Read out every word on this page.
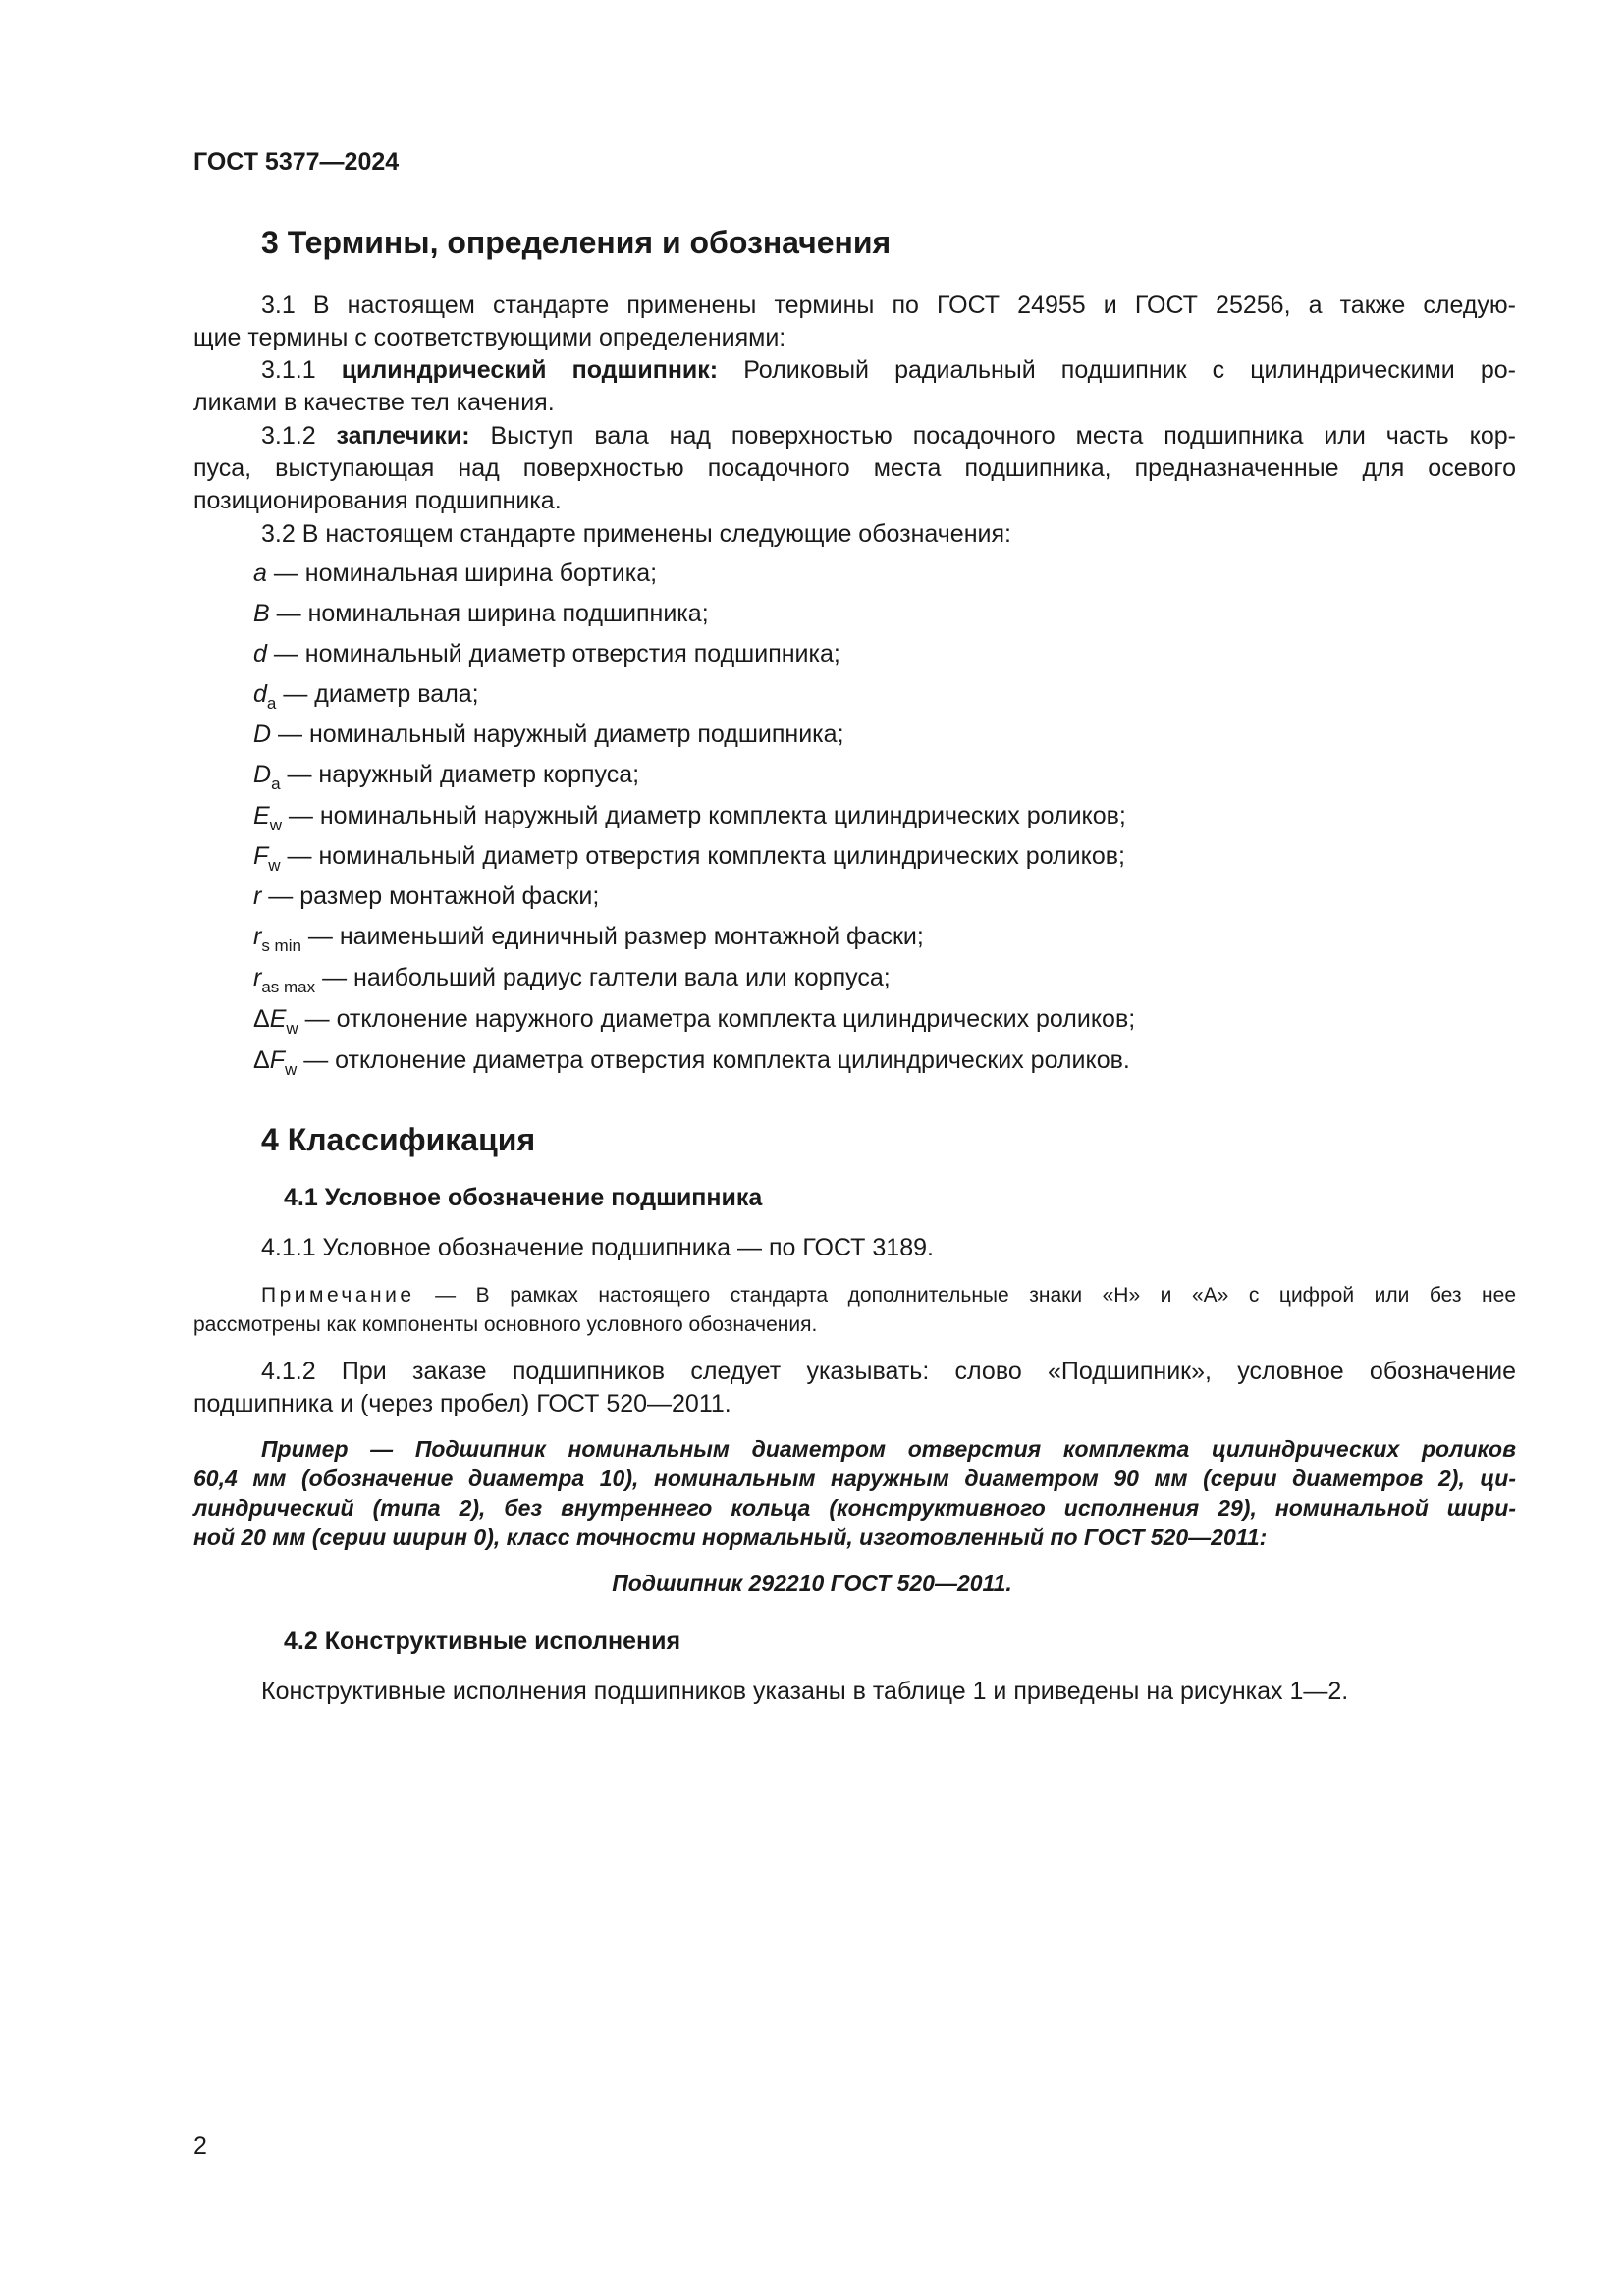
ГОСТ 5377—2024
3 Термины, определения и обозначения
3.1 В настоящем стандарте применены термины по ГОСТ 24955 и ГОСТ 25256, а также следую-
щие термины с соответствующими определениями:
3.1.1 цилиндрический подшипник: Роликовый радиальный подшипник с цилиндрическими ро-
ликами в качестве тел качения.
3.1.2 заплечики: Выступ вала над поверхностью посадочного места подшипника или часть кор-
пуса, выступающая над поверхностью посадочного места подшипника, предназначенные для осевого
позиционирования подшипника.
3.2 В настоящем стандарте применены следующие обозначения:
a — номинальная ширина бортика;
B — номинальная ширина подшипника;
d — номинальный диаметр отверстия подшипника;
$d_a$ — диаметр вала;
D — номинальный наружный диаметр подшипника;
$D_a$ — наружный диаметр корпуса;
$E_w$ — номинальный наружный диаметр комплекта цилиндрических роликов;
$F_w$ — номинальный диаметр отверстия комплекта цилиндрических роликов;
r — размер монтажной фаски;
$r_{s min}$ — наименьший единичный размер монтажной фаски;
$r_{as max}$ — наибольший радиус галтели вала или корпуса;
$\Delta E_w$ — отклонение наружного диаметра комплекта цилиндрических роликов;
$\Delta F_w$ — отклонение диаметра отверстия комплекта цилиндрических роликов.
4 Классификация
4.1 Условное обозначение подшипника
4.1.1 Условное обозначение подшипника — по ГОСТ 3189.
Примечание — В рамках настоящего стандарта дополнительные знаки «Н» и «А» с цифрой или без нее
рассмотрены как компоненты основного условного обозначения.
4.1.2 При заказе подшипников следует указывать: слово «Подшипник», условное обозначение
подшипника и (через пробел) ГОСТ 520—2011.
Пример — Подшипник номинальным диаметром отверстия комплекта цилиндрических роликов
60,4 мм (обозначение диаметра 10), номинальным наружным диаметром 90 мм (серии диаметров 2), ци-
линдрический (типа 2), без внутреннего кольца (конструктивного исполнения 29), номинальной шири-
ной 20 мм (серии ширин 0), класс точности нормальный, изготовленный по ГОСТ 520—2011:
Подшипник 292210 ГОСТ 520—2011.
4.2 Конструктивные исполнения
Конструктивные исполнения подшипников указаны в таблице 1 и приведены на рисунках 1—2.
2
